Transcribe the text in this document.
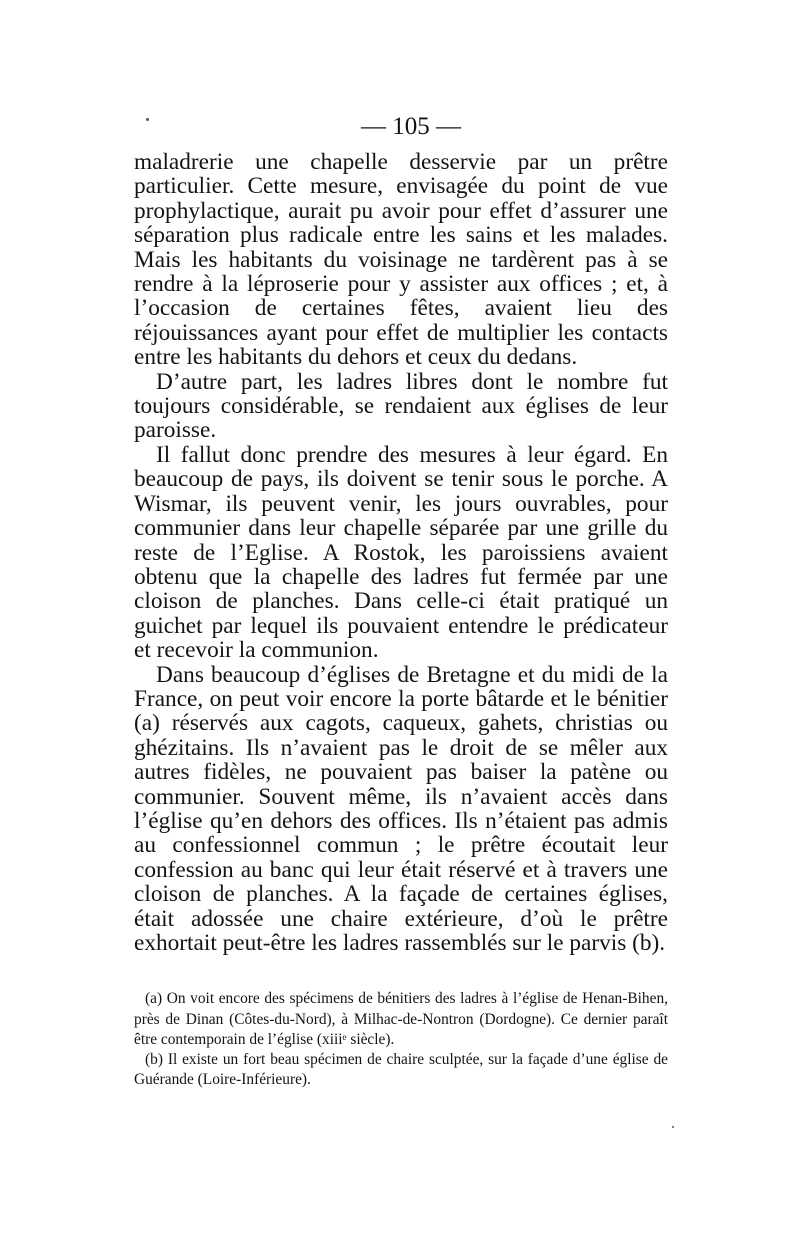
— 105 —

maladrerie une chapelle desservie par un prêtre particulier. Cette mesure, envisagée du point de vue prophylactique, aurait pu avoir pour effet d’assurer une séparation plus radicale entre les sains et les malades. Mais les habitants du voisinage ne tardèrent pas à se rendre à la léproserie pour y assister aux offices ; et, à l’occasion de certaines fêtes, avaient lieu des réjouissances ayant pour effet de multiplier les contacts entre les habitants du dehors et ceux du dedans.

D’autre part, les ladres libres dont le nombre fut toujours considérable, se rendaient aux églises de leur paroisse.

Il fallut donc prendre des mesures à leur égard. En beaucoup de pays, ils doivent se tenir sous le porche. A Wismar, ils peuvent venir, les jours ouvrables, pour communier dans leur chapelle séparée par une grille du reste de l’Eglise. A Rostok, les paroissiens avaient obtenu que la chapelle des ladres fut fermée par une cloison de planches. Dans celle-ci était pratiqué un guichet par lequel ils pouvaient entendre le prédicateur et recevoir la communion.

Dans beaucoup d’églises de Bretagne et du midi de la France, on peut voir encore la porte bâtarde et le bénitier (a) réservés aux cagots, caqueux, gahets, christias ou ghézitains. Ils n’avaient pas le droit de se mêler aux autres fidèles, ne pouvaient pas baiser la patène ou communier. Souvent même, ils n’avaient accès dans l’église qu’en dehors des offices. Ils n’étaient pas admis au confessionnel commun ; le prêtre écoutait leur confession au banc qui leur était réservé et à travers une cloison de planches. A la façade de certaines églises, était adossée une chaire extérieure, d’où le prêtre exhortait peut-être les ladres rassemblés sur le parvis (b).

(a) On voit encore des spécimens de bénitiers des ladres à l’église de Henan-Bihen, près de Dinan (Côtes-du-Nord), à Milhac-de-Nontron (Dordogne). Ce dernier paraît être contemporain de l’église (xiiiᵉ siècle).

(b) Il existe un fort beau spécimen de chaire sculptée, sur la façade d’une église de Guérande (Loire-Inférieure).
